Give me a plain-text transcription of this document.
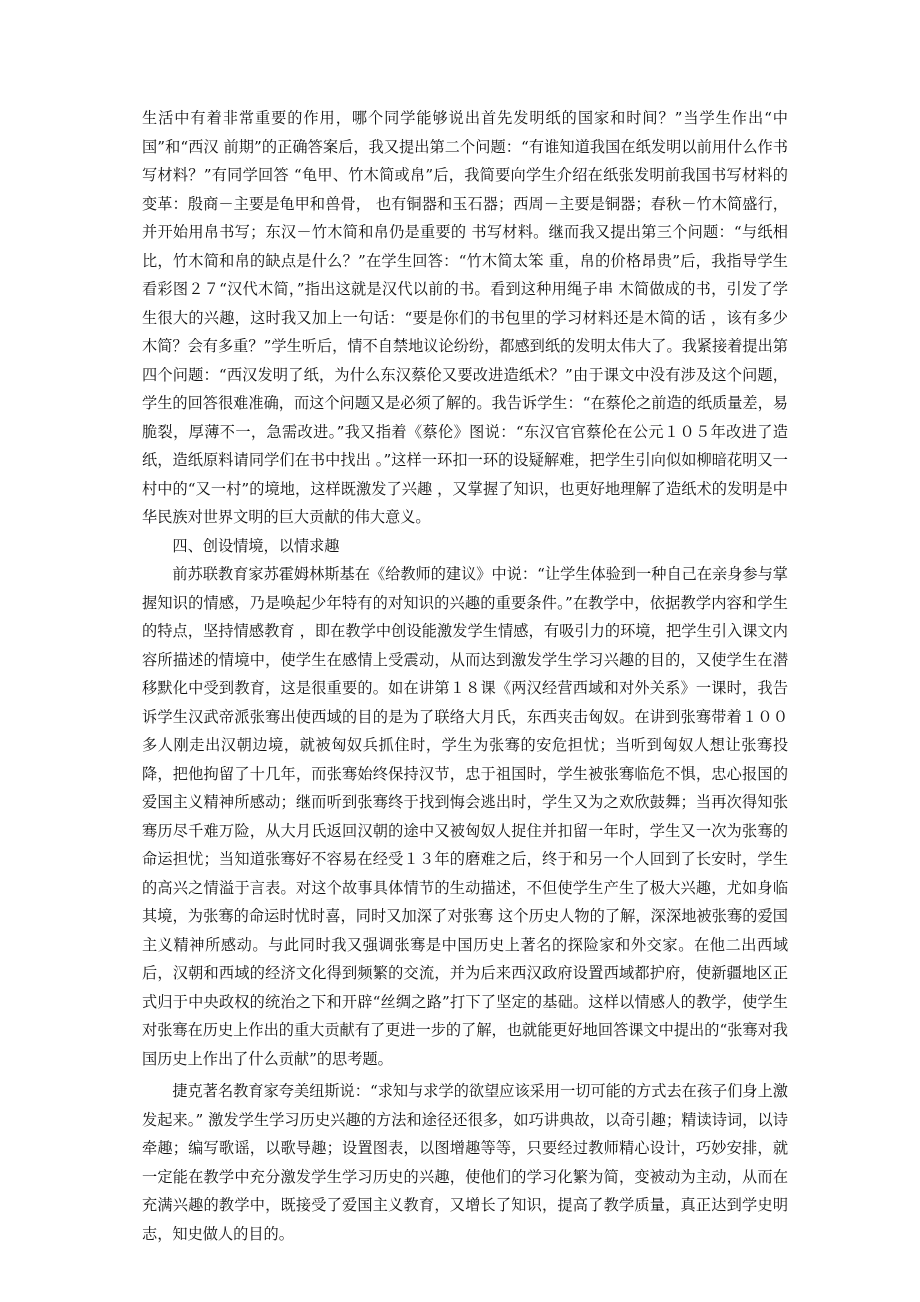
生活中有着非常重要的作用，哪个同学能够说出首先发明纸的国家和时间？”当学生作出“中国”和“西汉 前期”的正确答案后，我又提出第二个问题：“有谁知道我国在纸发明以前用什么作书写材料？”有同学回答 “龟甲、竹木简或帛”后，我简要向学生介绍在纸张发明前我国书写材料的变革：殷商－主要是龟甲和兽骨， 也有铜器和玉石器；西周－主要是铜器；春秋－竹木简盛行，并开始用帛书写；东汉－竹木简和帛仍是重要的 书写材料。继而我又提出第三个问题：“与纸相比，竹木简和帛的缺点是什么？”在学生回答：“竹木简太笨 重，帛的价格昂贵”后，我指导学生看彩图２７“汉代木简，”指出这就是汉代以前的书。看到这种用绳子串 木简做成的书，引发了学生很大的兴趣，这时我又加上一句话：“要是你们的书包里的学习材料还是木简的话 ，该有多少木简？会有多重？”学生听后，情不自禁地议论纷纷，都感到纸的发明太伟大了。我紧接着提出第 四个问题：“西汉发明了纸，为什么东汉蔡伦又要改进造纸术？”由于课文中没有涉及这个问题，学生的回答很难准确，而这个问题又是必须了解的。我告诉学生：“在蔡伦之前造的纸质量差，易脆裂，厚薄不一，急需改进。”我又指着《蔡伦》图说：“东汉官官蔡伦在公元１０５年改进了造纸，造纸原料请同学们在书中找出 。”这样一环扣一环的设疑解难，把学生引向似如柳暗花明又一村中的“又一村”的境地，这样既激发了兴趣 ，又掌握了知识，也更好地理解了造纸术的发明是中华民族对世界文明的巨大贡献的伟大意义。

四、创设情境，以情求趣

前苏联教育家苏霍姆林斯基在《给教师的建议》中说：“让学生体验到一种自己在亲身参与掌握知识的情感，乃是唤起少年特有的对知识的兴趣的重要条件。”在教学中，依据教学内容和学生的特点，坚持情感教育 ，即在教学中创设能激发学生情感，有吸引力的环境，把学生引入课文内容所描述的情境中，使学生在感情上受震动，从而达到激发学生学习兴趣的目的，又使学生在潜移默化中受到教育，这是很重要的。如在讲第１８课《两汉经营西域和对外关系》一课时，我告诉学生汉武帝派张骞出使西域的目的是为了联络大月氏，东西夹击匈奴。在讲到张骞带着１００多人刚走出汉朝边境，就被匈奴兵抓住时，学生为张骞的安危担忧；当听到匈奴人想让张骞投降，把他拘留了十几年，而张骞始终保持汉节，忠于祖国时，学生被张骞临危不惧，忠心报国的爱国主义精神所感动；继而听到张骞终于找到悔会逃出时，学生又为之欢欣鼓舞；当再次得知张骞历尽千难万险，从大月氏返回汉朝的途中又被匈奴人捉住并扣留一年时，学生又一次为张骞的命运担忧；当知道张骞好不容易在经受１３年的磨难之后，终于和另一个人回到了长安时，学生的高兴之情溢于言表。对这个故事具体情节的生动描述，不但使学生产生了极大兴趣，尤如身临其境，为张骞的命运时忧时喜，同时又加深了对张骞 这个历史人物的了解，深深地被张骞的爱国主义精神所感动。与此同时我又强调张骞是中国历史上著名的探险家和外交家。在他二出西域后，汉朝和西域的经济文化得到频繁的交流，并为后来西汉政府设置西域都护府，使新疆地区正式归于中央政权的统治之下和开辟“丝绸之路”打下了坚定的基础。这样以情感人的教学，使学生对张骞在历史上作出的重大贡献有了更进一步的了解，也就能更好地回答课文中提出的“张骞对我国历史上作出了什么贡献”的思考题。

捷克著名教育家夸美纽斯说：“求知与求学的欲望应该采用一切可能的方式去在孩子们身上激发起来。” 激发学生学习历史兴趣的方法和途径还很多，如巧讲典故，以奇引趣；精读诗词，以诗牵趣；编写歌谣，以歌导趣；设置图表，以图增趣等等，只要经过教师精心设计，巧妙安排，就一定能在教学中充分激发学生学习历史的兴趣，使他们的学习化繁为简，变被动为主动，从而在充满兴趣的教学中，既接受了爱国主义教育，又增长了知识，提高了教学质量，真正达到学史明志，知史做人的目的。
